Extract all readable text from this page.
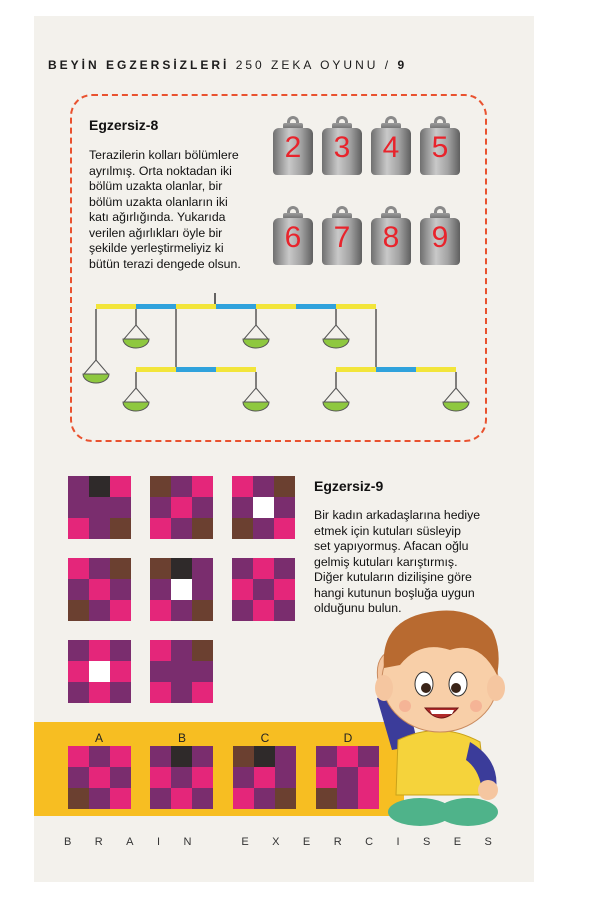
BEYİN EGZERSİZLERİ 250 ZEKA OYUNU / 9
Egzersiz-8
Terazilerin kolları bölümlere
ayrılmış. Orta noktadan iki
bölüm uzakta olanlar, bir
bölüm uzakta olanların iki
katı ağırlığında. Yukarıda
verilen ağırlıkları öyle bir
şekilde yerleştirmeliyiz ki
bütün terazi dengede olsun.
2	3	4	5
6	7	8	9
Egzersiz-9
Bir kadın arkadaşlarına hediye
etmek için kutuları süsleyip
set yapıyormuş. Afacan oğlu
gelmiş kutuları karıştırmış.
Diğer kutuların dizilişine göre
hangi kutunun boşluğa uygun
olduğunu bulun.
A	B	C	D
B R A I N
	E X E R C I S E S
